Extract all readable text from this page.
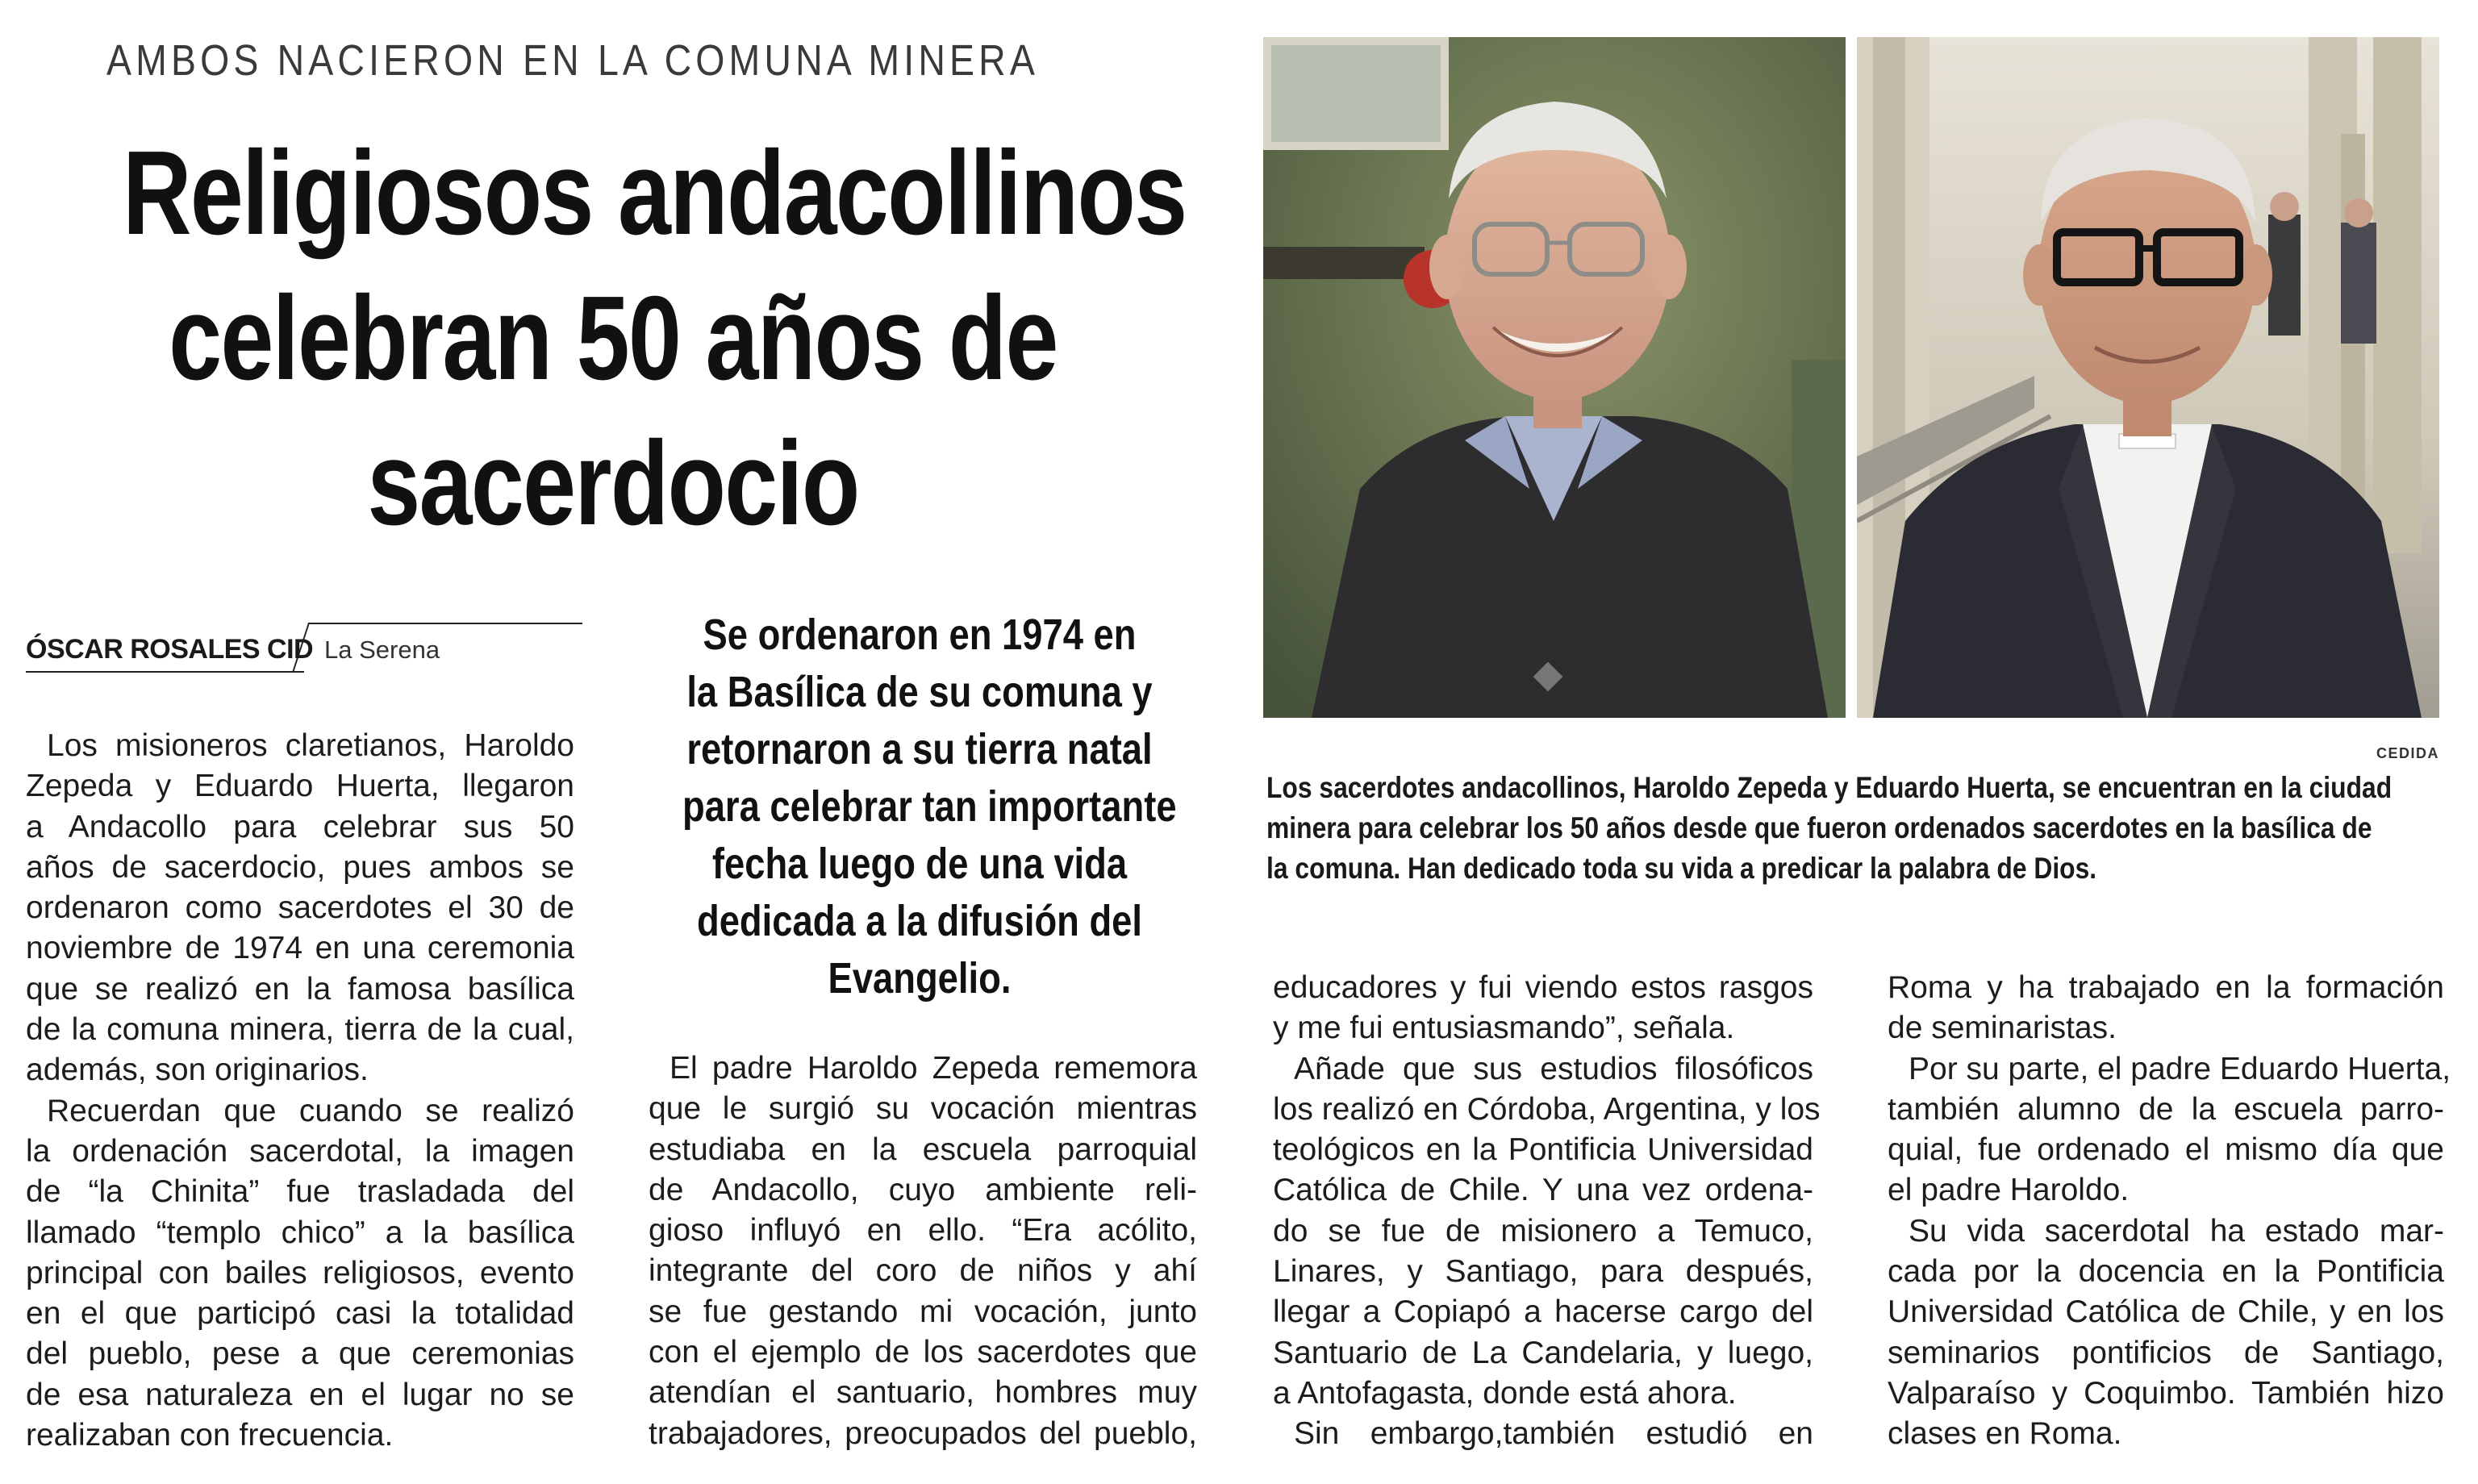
AMBOS NACIERON EN LA COMUNA MINERA
Religiosos andacollinos
celebran 50 años de
sacerdocio
ÓSCAR ROSALES CID La Serena
Los misioneros claretianos, Haroldo
Zepeda y Eduardo Huerta, llegaron
a Andacollo para celebrar sus 50
años de sacerdocio, pues ambos se
ordenaron como sacerdotes el 30 de
noviembre de 1974 en una ceremonia
que se realizó en la famosa basílica
de la comuna minera, tierra de la cual,
además, son originarios.
Recuerdan que cuando se realizó
la ordenación sacerdotal, la imagen
de “la Chinita” fue trasladada del
llamado “templo chico” a la basílica
principal con bailes religiosos, evento
en el que participó casi la totalidad
del pueblo, pese a que ceremonias
de esa naturaleza en el lugar no se
realizaban con frecuencia.
Se ordenaron en 1974 en
la Basílica de su comuna y
retornaron a su tierra natal
para celebrar tan importante
fecha luego de una vida
dedicada a la difusión del
Evangelio.
El padre Haroldo Zepeda rememora
que le surgió su vocación mientras
estudiaba en la escuela parroquial
de Andacollo, cuyo ambiente reli-
gioso influyó en ello. “Era acólito,
integrante del coro de niños y ahí
se fue gestando mi vocación, junto
con el ejemplo de los sacerdotes que
atendían el santuario, hombres muy
trabajadores, preocupados del pueblo,
CEDIDA
Los sacerdotes andacollinos, Haroldo Zepeda y Eduardo Huerta, se encuentran en la ciudad
minera para celebrar los 50 años desde que fueron ordenados sacerdotes en la basílica de
la comuna. Han dedicado toda su vida a predicar la palabra de Dios.
educadores y fui viendo estos rasgos
y me fui entusiasmando”, señala.
Añade que sus estudios filosóficos
los realizó en Córdoba, Argentina, y los
teológicos en la Pontificia Universidad
Católica de Chile. Y una vez ordena-
do se fue de misionero a Temuco,
Linares, y Santiago, para después,
llegar a Copiapó a hacerse cargo del
Santuario de La Candelaria, y luego,
a Antofagasta, donde está ahora.
Sin embargo,también estudió en
Roma y ha trabajado en la formación
de seminaristas.
Por su parte, el padre Eduardo Huerta,
también alumno de la escuela parro-
quial, fue ordenado el mismo día que
el padre Haroldo.
Su vida sacerdotal ha estado mar-
cada por la docencia en la Pontificia
Universidad Católica de Chile, y en los
seminarios pontificios de Santiago,
Valparaíso y Coquimbo. También hizo
clases en Roma.
